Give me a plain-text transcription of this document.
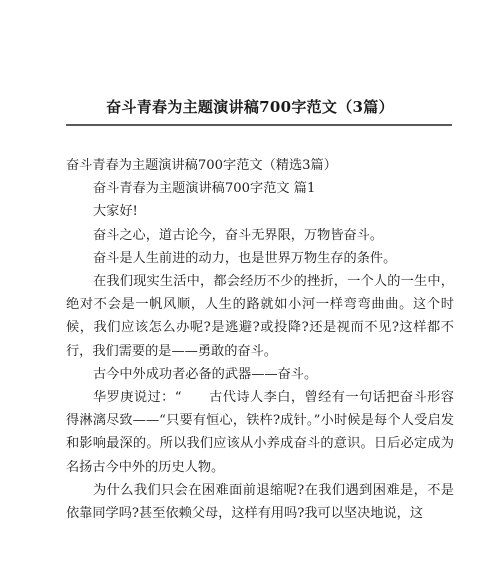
奋斗青春为主题演讲稿700字范文（3篇）

奋斗青春为主题演讲稿700字范文（精选3篇）

奋斗青春为主题演讲稿700字范文 篇1

大家好!

奋斗之心，道古论今，奋斗无界限，万物皆奋斗。

奋斗是人生前进的动力，也是世界万物生存的条件。

在我们现实生活中，都会经历不少的挫折，一个人的一生中，绝对不会是一帆风顺，人生的路就如小河一样弯弯曲曲。这个时候，我们应该怎么办呢?是逃避?或投降?还是视而不见?这样都不行，我们需要的是——勇敢的奋斗。

古今中外成功者必备的武器——奋斗。

华罗庚说过：“　　古代诗人李白，曾经有一句话把奋斗形容得淋漓尽致——“只要有恒心，铁杵?成针。”小时候是每个人受启发和影响最深的。所以我们应该从小养成奋斗的意识。日后必定成为名扬古今中外的历史人物。

为什么我们只会在困难面前退缩呢?在我们遇到困难是，不是依靠同学吗?甚至依赖父母，这样有用吗?我可以坚决地说，这
